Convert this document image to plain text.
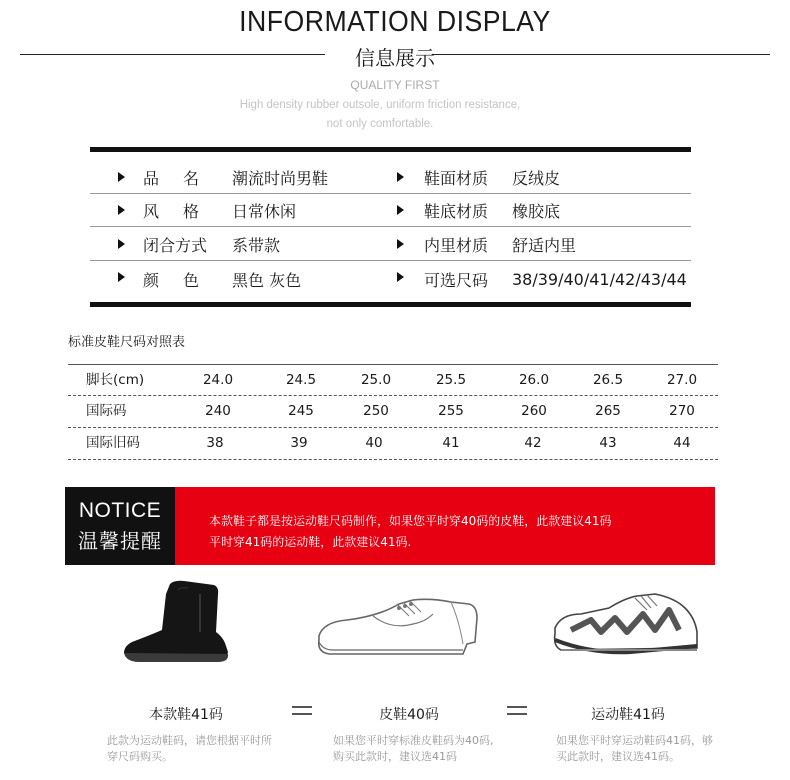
INFORMATION DISPLAY
信息展示
QUALITY FIRST
High density rubber outsole, uniform friction resistance,
not only comfortable.
品名 潮流时尚男鞋	鞋面材质 反绒皮
风格 日常休闲	鞋底材质 橡胶底
闭合方式 系带款	内里材质 舒适内里
颜色 黑色 灰色	可选尺码 38/39/40/41/42/43/44
标准皮鞋尺码对照表
脚长(cm)	24.0	24.5	25.0	25.5	26.0	26.5	27.0
国际码	240	245	250	255	260	265	270
国际旧码	38	39	40	41	42	43	44
NOTICE
温馨提醒
本款鞋子都是按运动鞋尺码制作，如果您平时穿40码的皮鞋，此款建议41码
平时穿41码的运动鞋，此款建议41码.
本款鞋41码	皮鞋40码	运动鞋41码
此款为运动鞋码，请您根据平时所
穿尺码购买。
如果您平时穿标准皮鞋码为40码,
购买此款时，建议选41码
如果您平时穿运动鞋码41码，够
买此款时，建议选41码。
